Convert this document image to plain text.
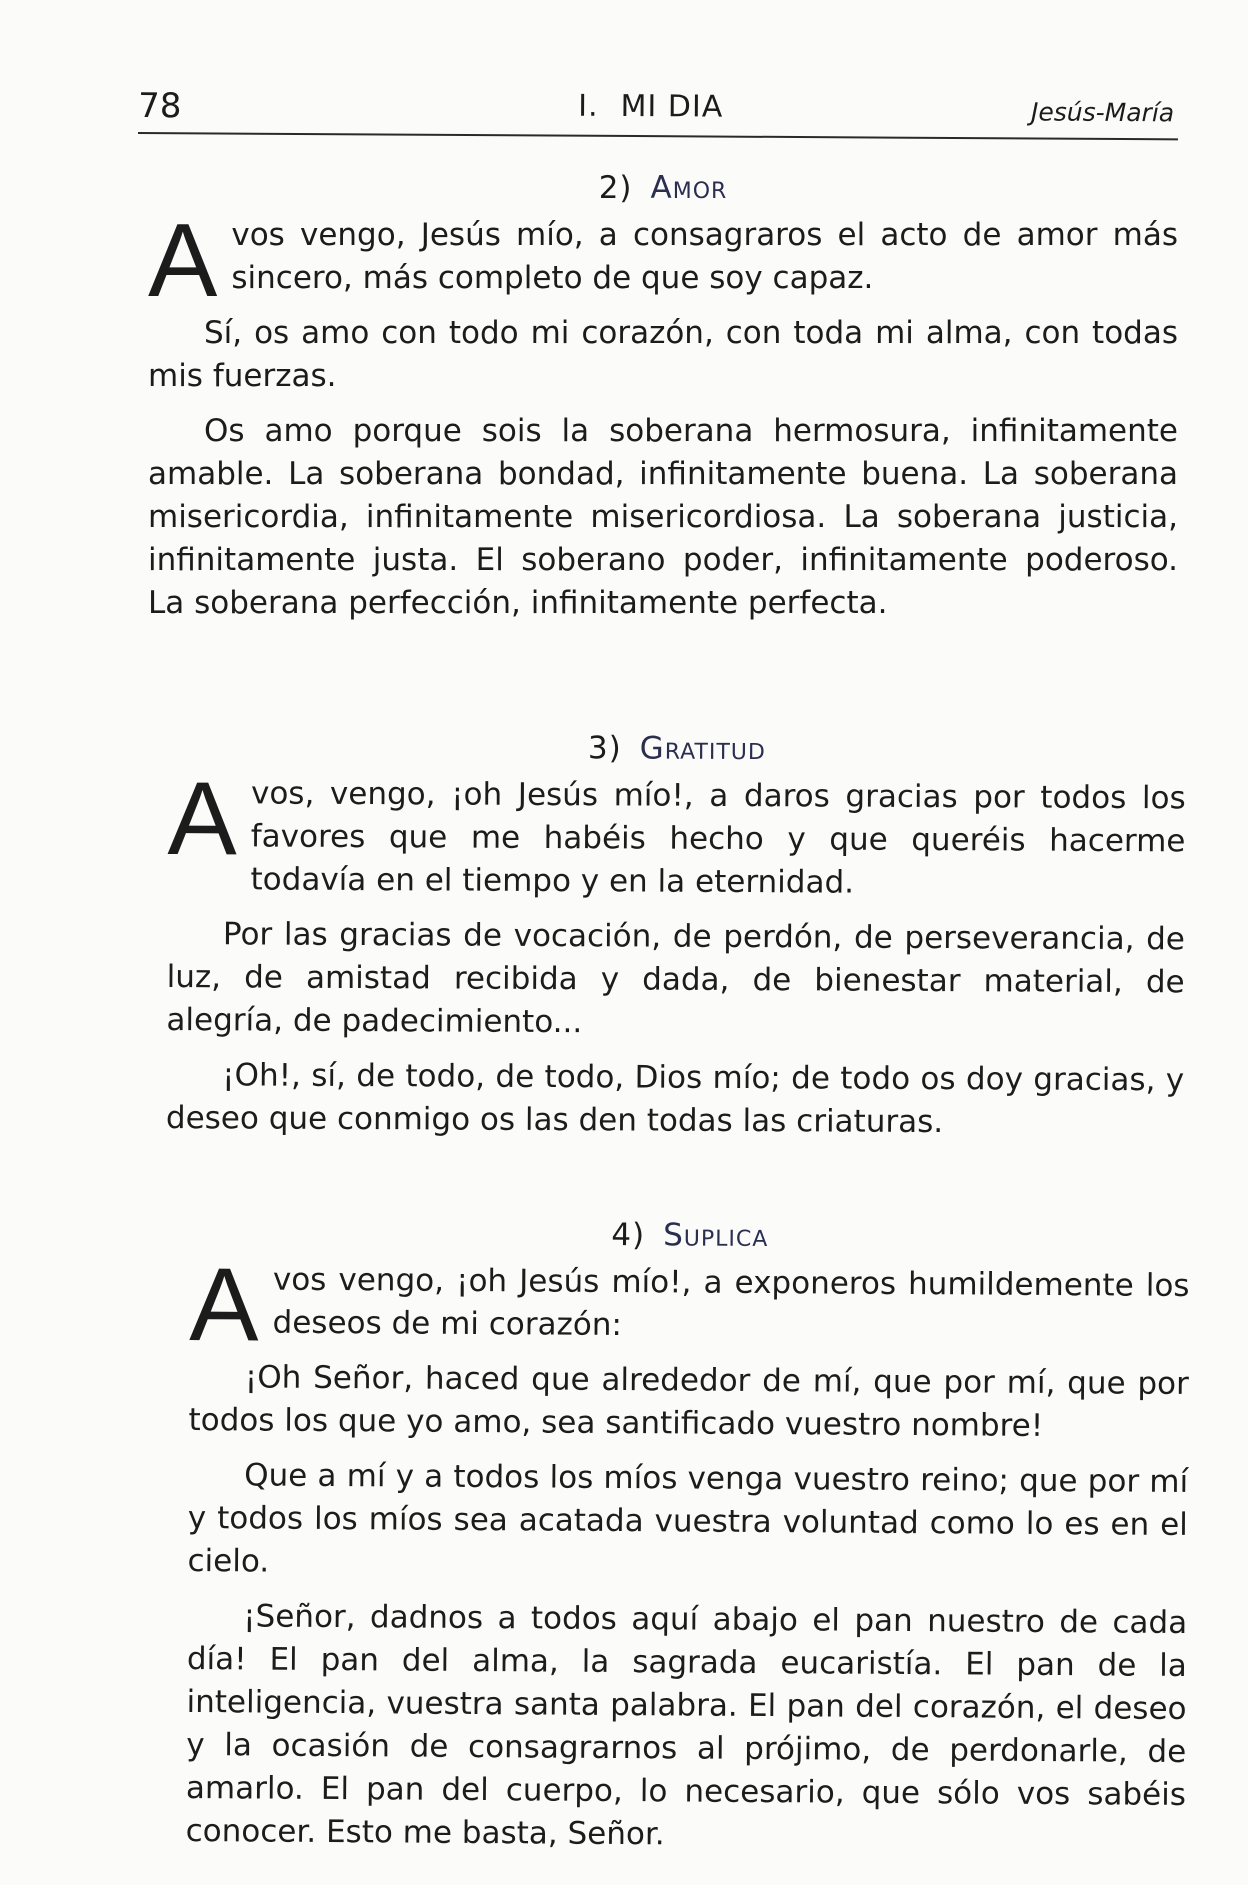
78	I. MI DIA	Jesús-María
2) Amor

Avos vengo, Jesús mío, a consagraros el acto de amor más sincero, más completo de que soy capaz.

Sí, os amo con todo mi corazón, con toda mi alma, con todas mis fuerzas.

Os amo porque sois la soberana hermosura, infinitamente amable. La soberana bondad, infinitamente buena. La soberana misericordia, infinitamente misericordiosa. La soberana justicia, infinitamente justa. El soberano poder, infinitamente poderoso. La soberana perfección, infinitamente perfecta.

3) Gratitud

Avos, vengo, ¡oh Jesús mío!, a daros gracias por todos los favores que me habéis hecho y que queréis hacerme todavía en el tiempo y en la eternidad.

Por las gracias de vocación, de perdón, de perseverancia, de luz, de amistad recibida y dada, de bienestar material, de alegría, de padecimiento...

¡Oh!, sí, de todo, de todo, Dios mío; de todo os doy gracias, y deseo que conmigo os las den todas las criaturas.

4) Suplica

Avos vengo, ¡oh Jesús mío!, a exponeros humildemente los deseos de mi corazón:

¡Oh Señor, haced que alrededor de mí, que por mí, que por todos los que yo amo, sea santificado vuestro nombre!

Que a mí y a todos los míos venga vuestro reino; que por mí y todos los míos sea acatada vuestra voluntad como lo es en el cielo.

¡Señor, dadnos a todos aquí abajo el pan nuestro de cada día! El pan del alma, la sagrada eucaristía. El pan de la inteligencia, vuestra santa palabra. El pan del corazón, el deseo y la ocasión de consagrarnos al prójimo, de perdonarle, de amarlo. El pan del cuerpo, lo necesario, que sólo vos sabéis conocer. Esto me basta, Señor.
